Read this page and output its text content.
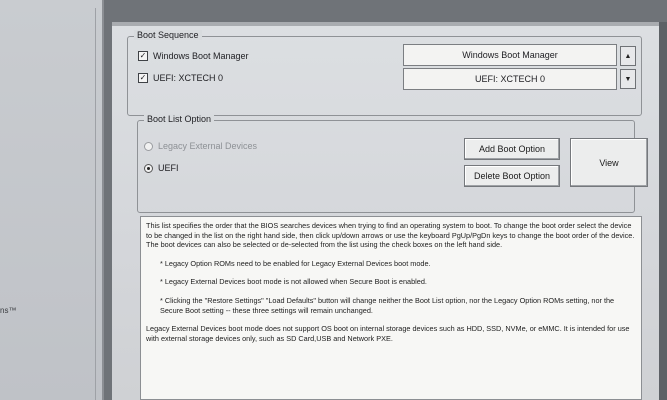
ns™
Boot Sequence
✓ Windows Boot Manager
✓ UEFI: XCTECH 0
Windows Boot Manager
UEFI: XCTECH 0
▲
▼
Boot List Option
Legacy External Devices
UEFI
Add Boot Option
Delete Boot Option
View

This list specifies the order that the BIOS searches devices when trying to find an operating system to boot. To change the boot order select the device to be changed in the list on the right hand side, then click up/down arrows or use the keyboard PgUp/PgDn keys to change the boot order of the device. The boot devices can also be selected or de-selected from the list using the check boxes on the left hand side.

* Legacy Option ROMs need to be enabled for Legacy External Devices boot mode.

* Legacy External Devices boot mode is not allowed when Secure Boot is enabled.

* Clicking the "Restore Settings" "Load Defaults" button will change neither the Boot List option, nor the Legacy Option ROMs setting, nor the Secure Boot setting -- these three settings will remain unchanged.

Legacy External Devices boot mode does not support OS boot on internal storage devices such as HDD, SSD, NVMe, or eMMC. It is intended for use with external storage devices only, such as SD Card,USB and Network PXE.
